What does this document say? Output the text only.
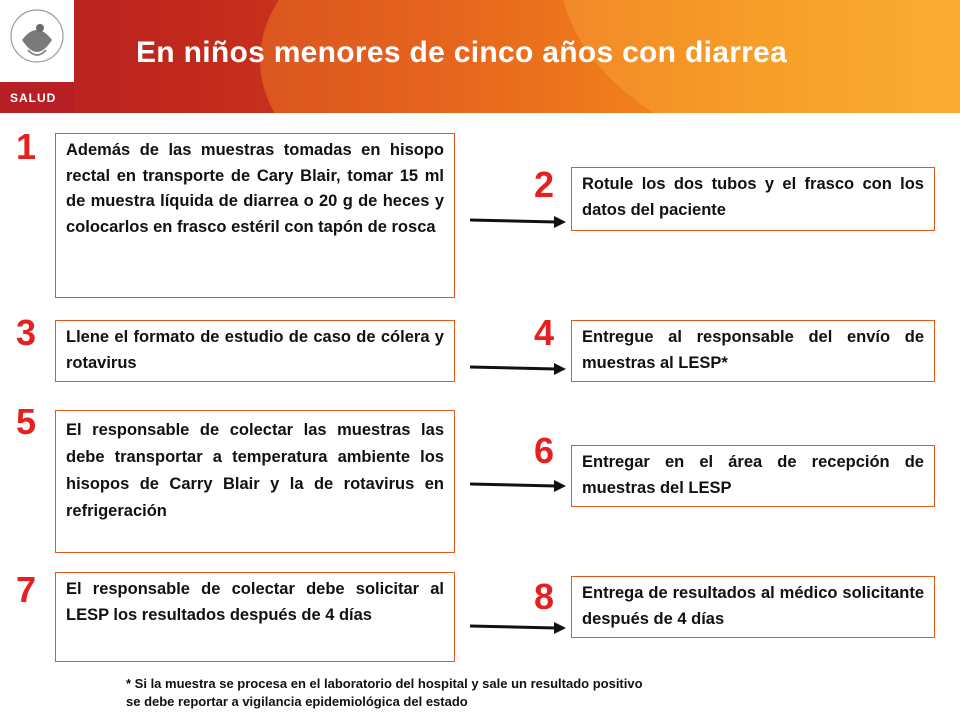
SALUD
En niños menores de cinco años con diarrea
1
2
3	4
5
6
7	8
Además de las muestras tomadas en hisopo rectal en transporte de Cary Blair, tomar 15 ml de muestra líquida de diarrea o 20 g de heces y colocarlos en frasco estéril con tapón de rosca
Rotule los dos tubos y el frasco con los datos del paciente
Llene el formato de estudio de caso de cólera y rotavirus
Entregue al responsable del envío de muestras al LESP*
El responsable de colectar las muestras las debe transportar a temperatura ambiente los hisopos de Carry Blair y la de rotavirus en refrigeración
Entregar en el área de recepción de muestras del LESP
El responsable de colectar debe solicitar al LESP los resultados después de 4 días
Entrega de resultados al médico solicitante después de 4 días
* Si la muestra se procesa en el laboratorio del hospital y sale un resultado positivo
se debe reportar a vigilancia epidemiológica del estado
